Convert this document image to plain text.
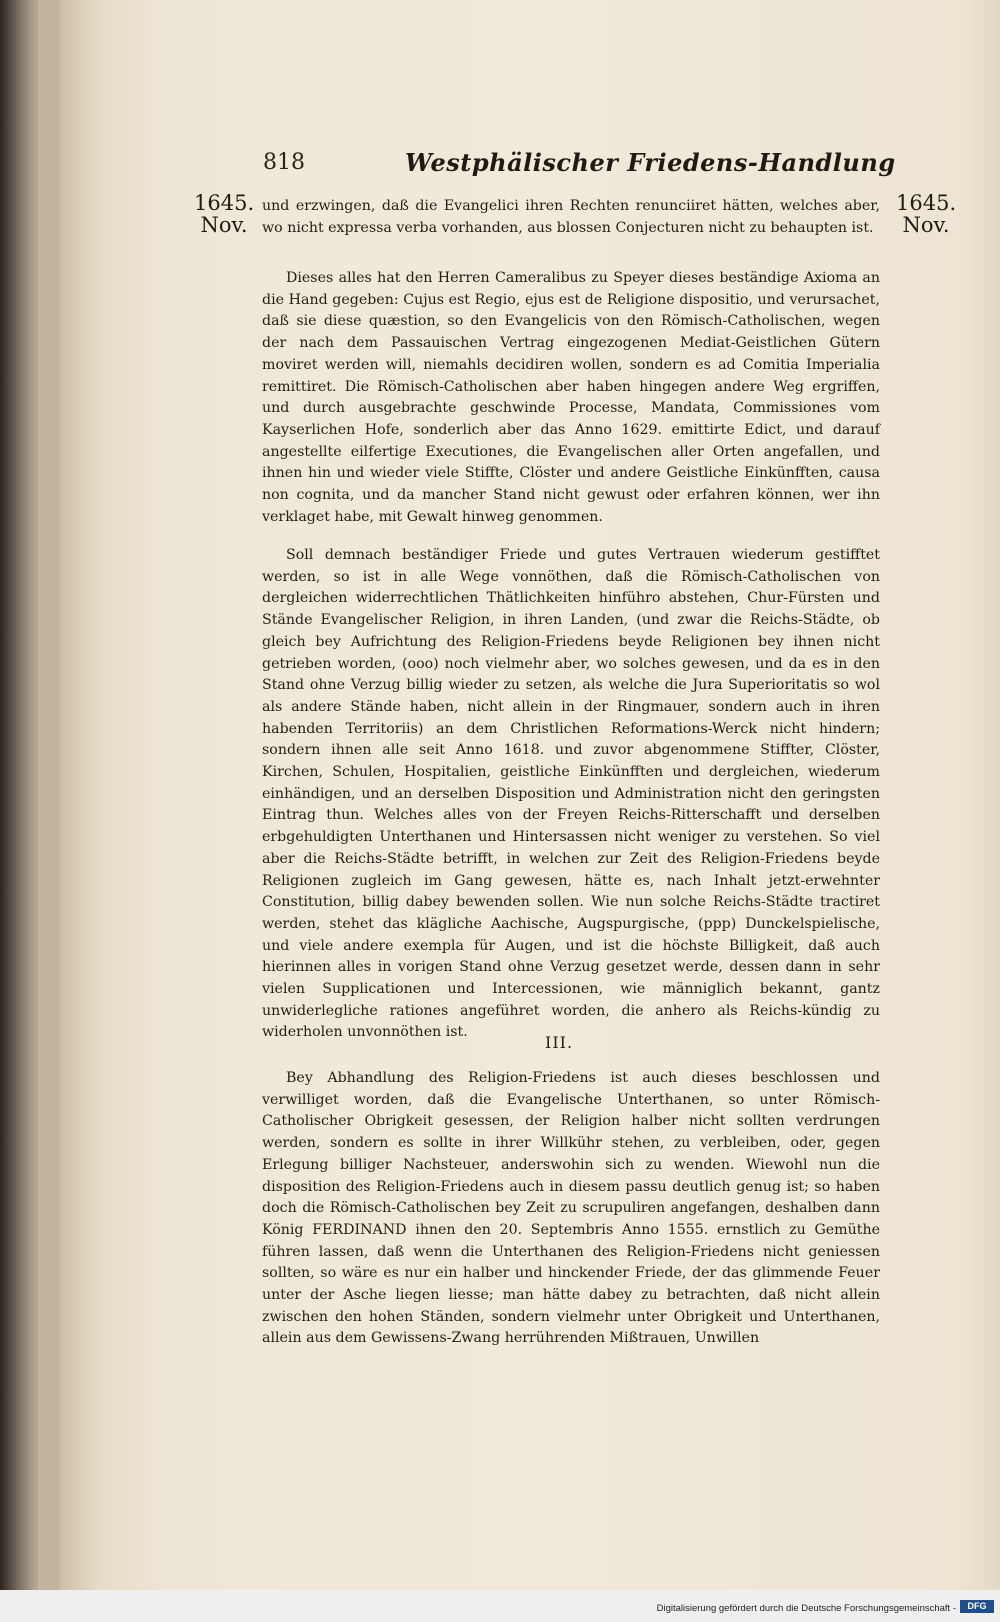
818	Westphälischer Friedens-Handlung
1645.
Nov.
1645.
Nov.

und erzwingen, daß die Evangelici ihren Rechten renunciiret hätten, welches aber, wo nicht expressa verba vorhanden, aus blossen Conjecturen nicht zu behaupten ist.

Dieses alles hat den Herren Cameralibus zu Speyer dieses beständige Axioma an die Hand gegeben: Cujus est Regio, ejus est de Religione dispositio, und verursachet, daß sie diese quæstion, so den Evangelicis von den Römisch-Catholischen, wegen der nach dem Passauischen Vertrag eingezogenen Mediat-Geistlichen Gütern moviret werden will, niemahls decidiren wollen, sondern es ad Comitia Imperialia remittiret. Die Römisch-Catholischen aber haben hingegen andere Weg ergriffen, und durch ausgebrachte geschwinde Processe, Mandata, Commissiones vom Kayserlichen Hofe, sonderlich aber das Anno 1629. emittirte Edict, und darauf angestellte eilfertige Executiones, die Evangelischen aller Orten angefallen, und ihnen hin und wieder viele Stiffte, Clöster und andere Geistliche Einkünfften, causa non cognita, und da mancher Stand nicht gewust oder erfahren können, wer ihn verklaget habe, mit Gewalt hinweg genommen.

Soll demnach beständiger Friede und gutes Vertrauen wiederum gestifftet werden, so ist in alle Wege vonnöthen, daß die Römisch-Catholischen von dergleichen widerrechtlichen Thätlichkeiten hinführo abstehen, Chur-Fürsten und Stände Evangelischer Religion, in ihren Landen, (und zwar die Reichs-Städte, ob gleich bey Aufrichtung des Religion-Friedens beyde Religionen bey ihnen nicht getrieben worden, (ooo) noch vielmehr aber, wo solches gewesen, und da es in den Stand ohne Verzug billig wieder zu setzen, als welche die Jura Superioritatis so wol als andere Stände haben, nicht allein in der Ringmauer, sondern auch in ihren habenden Territoriis) an dem Christlichen Reformations-Werck nicht hindern; sondern ihnen alle seit Anno 1618. und zuvor abgenommene Stiffter, Clöster, Kirchen, Schulen, Hospitalien, geistliche Einkünfften und dergleichen, wiederum einhändigen, und an derselben Disposition und Administration nicht den geringsten Eintrag thun. Welches alles von der Freyen Reichs-Ritterschafft und derselben erbgehuldigten Unterthanen und Hintersassen nicht weniger zu verstehen. So viel aber die Reichs-Städte betrifft, in welchen zur Zeit des Religion-Friedens beyde Religionen zugleich im Gang gewesen, hätte es, nach Inhalt jetzt-erwehnter Constitution, billig dabey bewenden sollen. Wie nun solche Reichs-Städte tractiret werden, stehet das klägliche Aachische, Augspurgische, (ppp) Dunckelspielische, und viele andere exempla für Augen, und ist die höchste Billigkeit, daß auch hierinnen alles in vorigen Stand ohne Verzug gesetzet werde, dessen dann in sehr vielen Supplicationen und Intercessionen, wie männiglich bekannt, gantz unwiderlegliche rationes angeführet worden, die anhero als Reichs-kündig zu widerholen unvonnöthen ist.

III.

Bey Abhandlung des Religion-Friedens ist auch dieses beschlossen und verwilliget worden, daß die Evangelische Unterthanen, so unter Römisch-Catholischer Obrigkeit gesessen, der Religion halber nicht sollten verdrungen werden, sondern es sollte in ihrer Willkühr stehen, zu verbleiben, oder, gegen Erlegung billiger Nachsteuer, anderswohin sich zu wenden. Wiewohl nun die disposition des Religion-Friedens auch in diesem passu deutlich genug ist; so haben doch die Römisch-Catholischen bey Zeit zu scrupuliren angefangen, deshalben dann König FERDINAND ihnen den 20. Septembris Anno 1555. ernstlich zu Gemüthe führen lassen, daß wenn die Unterthanen des Religion-Friedens nicht geniessen sollten, so wäre es nur ein halber und hinckender Friede, der das glimmende Feuer unter der Asche liegen liesse; man hätte dabey zu betrachten, daß nicht allein zwischen den hohen Ständen, sondern vielmehr unter Obrigkeit und Unterthanen, allein aus dem Gewissens-Zwang herrührenden Mißtrauen, Unwillen

Digitalisierung gefördert durch die Deutsche Forschungsgemeinschaft -	DFG
